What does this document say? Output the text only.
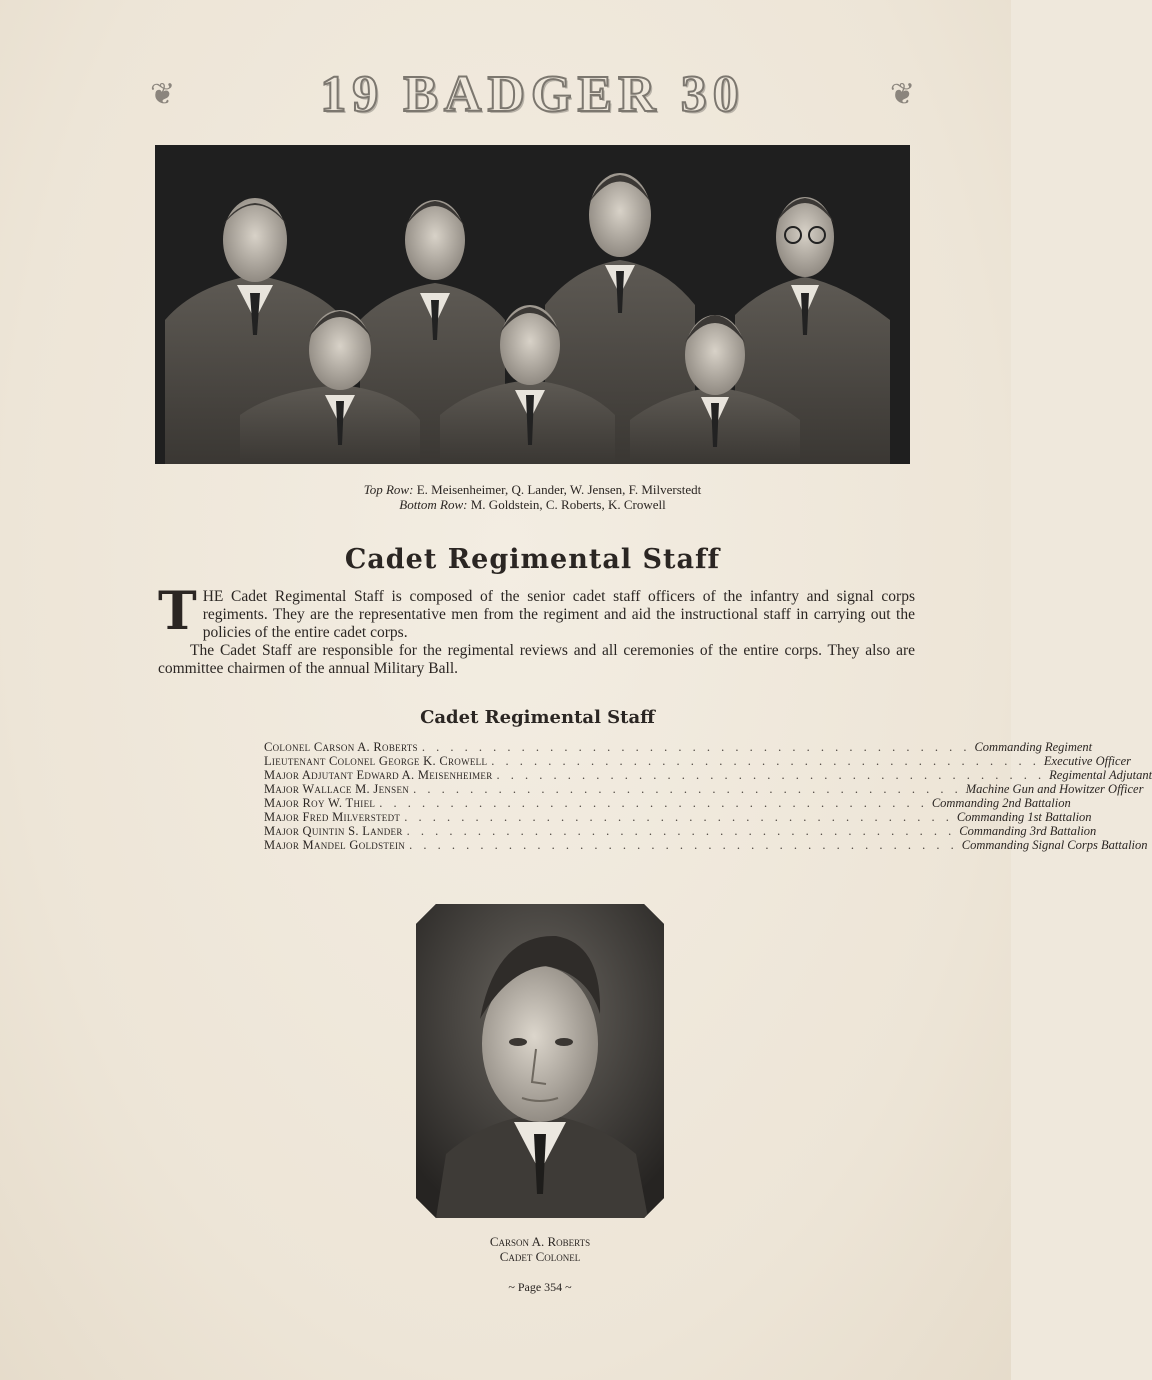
❦	19 BADGER 30	❦
Top Row: E. Meisenheimer, Q. Lander, W. Jensen, F. Milverstedt
Bottom Row: M. Goldstein, C. Roberts, K. Crowell
Cadet Regimental Staff

THE Cadet Regimental Staff is composed of the senior cadet staff officers of the infantry and signal corps regiments. They are the representative men from the regiment and aid the instructional staff in carrying out the policies of the entire cadet corps.

The Cadet Staff are responsible for the regimental reviews and all ceremonies of the entire corps. They also are committee chairmen of the annual Military Ball.

Cadet Regimental Staff
Colonel Carson A. Roberts . . . . . . . . . . . . . . . . . . . . . . . . . . . . . . . . . . . . . . . Commanding Regiment
Lieutenant Colonel George K. Crowell . . . . . . . . . . . . . . . . . . . . . . . . . . . . . . . . . . . . . . . Executive Officer
Major Adjutant Edward A. Meisenheimer . . . . . . . . . . . . . . . . . . . . . . . . . . . . . . . . . . . . . . . Regimental Adjutant
Major Wallace M. Jensen . . . . . . . . . . . . . . . . . . . . . . . . . . . . . . . . . . . . . . . Machine Gun and Howitzer Officer
Major Roy W. Thiel . . . . . . . . . . . . . . . . . . . . . . . . . . . . . . . . . . . . . . . Commanding 2nd Battalion
Major Fred Milverstedt . . . . . . . . . . . . . . . . . . . . . . . . . . . . . . . . . . . . . . . Commanding 1st Battalion
Major Quintin S. Lander . . . . . . . . . . . . . . . . . . . . . . . . . . . . . . . . . . . . . . . Commanding 3rd Battalion
Major Mandel Goldstein . . . . . . . . . . . . . . . . . . . . . . . . . . . . . . . . . . . . . . . Commanding Signal Corps Battalion
Carson A. Roberts
Cadet Colonel
~ Page 354 ~
